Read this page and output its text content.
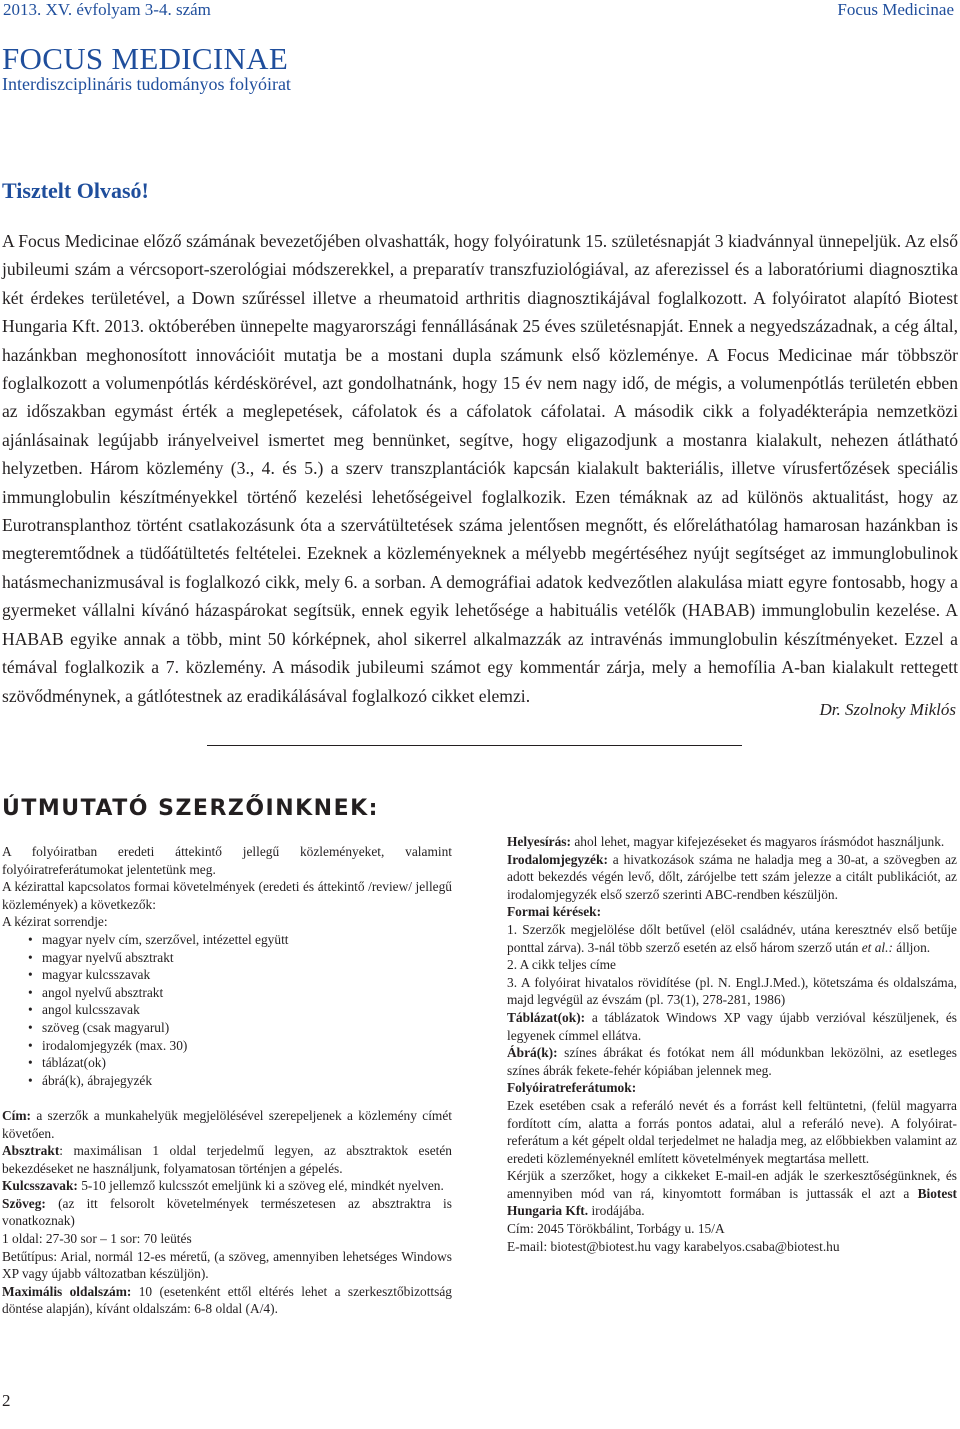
2013. XV. évfolyam 3-4. szám	Focus Medicinae
FOCUS MEDICINAE
Interdiszciplináris tudományos folyóirat
Tisztelt Olvasó!
A Focus Medicinae előző számának bevezetőjében olvashatták, hogy folyóiratunk 15. születésnapját 3 kiadvánnyal ünnepeljük. Az első jubileumi szám a vércsoport-szerológiai módszerekkel, a preparatív transzfuziológiával, az aferezissel és a laboratóriumi diagnosztika két érdekes területével, a Down szűréssel illetve a rheumatoid arthritis diagnosztikájával foglalkozott. A folyóiratot alapító Biotest Hungaria Kft. 2013. októberében ünnepelte magyarországi fennállásának 25 éves születésnapját. Ennek a negyedszázadnak, a cég által, hazánkban meghonosított innovációit mutatja be a mostani dupla számunk első közleménye. A Focus Medicinae már többször foglalkozott a volumenpótlás kérdéskörével, azt gondolhatnánk, hogy 15 év nem nagy idő, de mégis, a volumenpótlás területén ebben az időszakban egymást érték a meglepetések, cáfolatok és a cáfolatok cáfolatai. A második cikk a folyadékterápia nemzetközi ajánlásainak legújabb irányelveivel ismertet meg bennünket, segítve, hogy eligazodjunk a mostanra kialakult, nehezen átlátható helyzetben. Három közlemény (3., 4. és 5.) a szerv transzplantációk kapcsán kialakult bakteriális, illetve vírusfertőzések speciális immunglobulin készítményekkel történő kezelési lehetőségeivel foglalkozik. Ezen témáknak az ad különös aktualitást, hogy az Eurotransplanthoz történt csatlakozásunk óta a szervátültetések száma jelentősen megnőtt, és előreláthatólag hamarosan hazánkban is megteremtődnek a tüdőátültetés feltételei. Ezeknek a közleményeknek a mélyebb megértéséhez nyújt segítséget az immunglobulinok hatásmechanizmusával is foglalkozó cikk, mely 6. a sorban. A demográfiai adatok kedvezőtlen alakulása miatt egyre fontosabb, hogy a gyermeket vállalni kívánó házaspárokat segítsük, ennek egyik lehetősége a habituális vetélők (HABAB) immunglobulin kezelése. A HABAB egyike annak a több, mint 50 kórképnek, ahol sikerrel alkalmazzák az intravénás immunglobulin készítményeket. Ezzel a témával foglalkozik a 7. közlemény. A második jubileumi számot egy kommentár zárja, mely a hemofília A-ban kialakult rettegett szövődménynek, a gátlótestnek az eradikálásával foglalkozó cikket elemzi.
Dr. Szolnoky Miklós
ÚTMUTATÓ SZERZŐINKNEK:

A folyóiratban eredeti áttekintő jellegű közleményeket, valamint folyóiratreferátumokat jelentetünk meg.

A kézirattal kapcsolatos formai követelmények (eredeti és áttekintő /review/ jellegű közlemények) a következők:

A kézirat sorrendje:

• magyar nyelv cím, szerzővel, intézettel együtt
• magyar nyelvű absztrakt
• magyar kulcsszavak
• angol nyelvű absztrakt
• angol kulcsszavak
• szöveg (csak magyarul)
• irodalomjegyzék (max. 30)
• táblázat(ok)
• ábrá(k), ábrajegyzék

Cím: a szerzők a munkahelyük megjelölésével szerepeljenek a közlemény címét követően.

Absztrakt: maximálisan 1 oldal terjedelmű legyen, az absztraktok esetén bekezdéseket ne használjunk, folyamatosan történjen a gépelés.

Kulcsszavak: 5-10 jellemző kulcsszót emeljünk ki a szöveg elé, mindkét nyelven.

Szöveg: (az itt felsorolt követelmények természetesen az absztraktra is vonatkoznak)

1 oldal: 27-30 sor – 1 sor: 70 leütés

Betűtípus: Arial, normál 12-es méretű, (a szöveg, amennyiben lehetséges Windows XP vagy újabb változatban készüljön).

Maximális oldalszám: 10 (esetenként ettől eltérés lehet a szerkesztőbizottság döntése alapján), kívánt oldalszám: 6-8 oldal (A/4).

Helyesírás: ahol lehet, magyar kifejezéseket és magyaros írásmódot használjunk.

Irodalomjegyzék: a hivatkozások száma ne haladja meg a 30-at, a szövegben az adott bekezdés végén levő, dőlt, zárójelbe tett szám jelezze a citált publikációt, az irodalomjegyzék első szerző szerinti ABC-rendben készüljön.

Formai kérések:

1. Szerzők megjelölése dőlt betűvel (elöl családnév, utána keresztnév első betűje ponttal zárva). 3-nál több szerző esetén az első három szerző után et al.: álljon.

2. A cikk teljes címe

3. A folyóirat hivatalos rövidítése (pl. N. Engl.J.Med.), kötetszáma és oldalszáma, majd legvégül az évszám (pl. 73(1), 278-281, 1986)

Táblázat(ok): a táblázatok Windows XP vagy újabb verzióval készüljenek, és legyenek címmel ellátva.

Ábrá(k): színes ábrákat és fotókat nem áll módunkban leközölni, az esetleges színes ábrák fekete-fehér kópiában jelennek meg.

Folyóiratreferátumok:

Ezek esetében csak a referáló nevét és a forrást kell feltüntetni, (felül magyarra fordított cím, alatta a forrás pontos adatai, alul a referáló neve). A folyóirat-referátum a két gépelt oldal terjedelmet ne haladja meg, az előbbiekben valamint az eredeti közleményeknél említett követelmények megtartása mellett.

Kérjük a szerzőket, hogy a cikkeket E-mail-en adják le szerkesztőségünknek, és amennyiben mód van rá, kinyomtott formában is juttassák el azt a Biotest Hungaria Kft. irodájába.

Cím: 2045 Törökbálint, Torbágy u. 15/A

E-mail: biotest@biotest.hu vagy karabelyos.csaba@biotest.hu

2
